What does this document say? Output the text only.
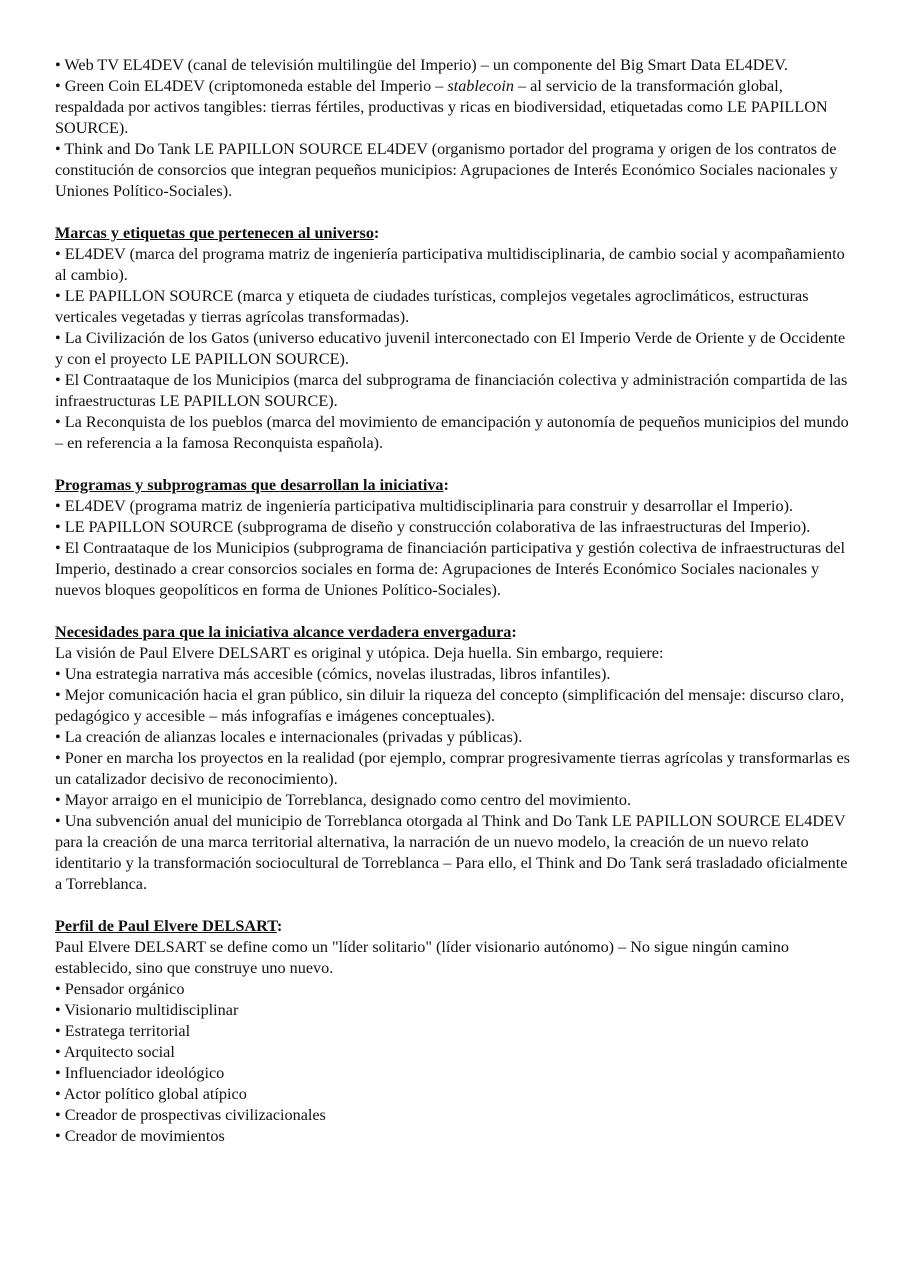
• Web TV EL4DEV (canal de televisión multilingüe del Imperio) – un componente del Big Smart Data EL4DEV.

• Green Coin EL4DEV (criptomoneda estable del Imperio – stablecoin – al servicio de la transformación global, respaldada por activos tangibles: tierras fértiles, productivas y ricas en biodiversidad, etiquetadas como LE PAPILLON SOURCE).

• Think and Do Tank LE PAPILLON SOURCE EL4DEV (organismo portador del programa y origen de los contratos de constitución de consorcios que integran pequeños municipios: Agrupaciones de Interés Económico Sociales nacionales y Uniones Político-Sociales).

Marcas y etiquetas que pertenecen al universo:

• EL4DEV (marca del programa matriz de ingeniería participativa multidisciplinaria, de cambio social y acompañamiento al cambio).

• LE PAPILLON SOURCE (marca y etiqueta de ciudades turísticas, complejos vegetales agroclimáticos, estructuras verticales vegetadas y tierras agrícolas transformadas).

• La Civilización de los Gatos (universo educativo juvenil interconectado con El Imperio Verde de Oriente y de Occidente y con el proyecto LE PAPILLON SOURCE).

• El Contraataque de los Municipios (marca del subprograma de financiación colectiva y administración compartida de las infraestructuras LE PAPILLON SOURCE).

• La Reconquista de los pueblos (marca del movimiento de emancipación y autonomía de pequeños municipios del mundo – en referencia a la famosa Reconquista española).

Programas y subprogramas que desarrollan la iniciativa:

• EL4DEV (programa matriz de ingeniería participativa multidisciplinaria para construir y desarrollar el Imperio).

• LE PAPILLON SOURCE (subprograma de diseño y construcción colaborativa de las infraestructuras del Imperio).

• El Contraataque de los Municipios (subprograma de financiación participativa y gestión colectiva de infraestructuras del Imperio, destinado a crear consorcios sociales en forma de: Agrupaciones de Interés Económico Sociales nacionales y nuevos bloques geopolíticos en forma de Uniones Político-Sociales).

Necesidades para que la iniciativa alcance verdadera envergadura:

La visión de Paul Elvere DELSART es original y utópica. Deja huella. Sin embargo, requiere:

• Una estrategia narrativa más accesible (cómics, novelas ilustradas, libros infantiles).

• Mejor comunicación hacia el gran público, sin diluir la riqueza del concepto (simplificación del mensaje: discurso claro, pedagógico y accesible – más infografías e imágenes conceptuales).

• La creación de alianzas locales e internacionales (privadas y públicas).

• Poner en marcha los proyectos en la realidad (por ejemplo, comprar progresivamente tierras agrícolas y transformarlas es un catalizador decisivo de reconocimiento).

• Mayor arraigo en el municipio de Torreblanca, designado como centro del movimiento.

• Una subvención anual del municipio de Torreblanca otorgada al Think and Do Tank LE PAPILLON SOURCE EL4DEV para la creación de una marca territorial alternativa, la narración de un nuevo modelo, la creación de un nuevo relato identitario y la transformación sociocultural de Torreblanca – Para ello, el Think and Do Tank será trasladado oficialmente a Torreblanca.

Perfil de Paul Elvere DELSART:

Paul Elvere DELSART se define como un "líder solitario" (líder visionario autónomo) – No sigue ningún camino establecido, sino que construye uno nuevo.

• Pensador orgánico

• Visionario multidisciplinar

• Estratega territorial

• Arquitecto social

• Influenciador ideológico

• Actor político global atípico

• Creador de prospectivas civilizacionales

• Creador de movimientos
